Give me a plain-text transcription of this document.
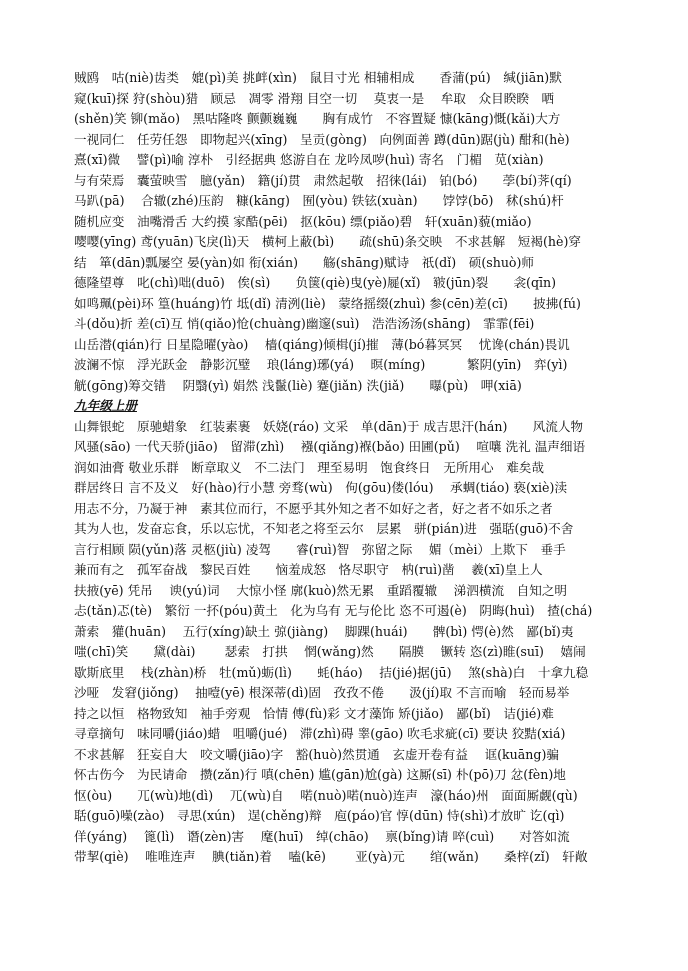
贼鸥　咕(niè)齿类　媲(pì)美 挑衅(xìn)　鼠目寸光 相辅相成　　香蒲(pú)　缄(jiān)默
窥(kuī)探 狩(shòu)猎　顾忌　凋零 滑翔 目空一切　 莫衷一是　 牟取　众目睽睽　哂
(shěn)笑 铆(mǎo)　黑咕隆咚 颤颤巍巍　　胸有成竹　不容置疑 慷(kāng)慨(kǎi)大方
一视同仁　任劳任怨　即物起兴(xīng)　呈贡(gòng)　向例面善 蹲(dūn)踞(jù) 酣和(hè)
熹(xī)微　 譬(pì)喻 淳朴　引经据典 悠游自在 龙吟凤哕(huì) 寄名　门楣　苋(xiàn)
与有荣焉　囊萤映雪　臆(yǎn)　籍(jí)贯　肃然起敬　招徕(lái)　铂(bó)　　荸(bí)荠(qí)
马趴(pā)　 合辙(zhé)压韵　糠(kāng)　囿(yòu) 铁铉(xuàn)　　饽饽(bō)　秫(shú)杆
随机应变　油嘴滑舌 大约摸 家酷(pēi)　抠(kōu) 缥(piǎo)碧　轩(xuān)藐(miǎo)
嘤嘤(yīng) 鸢(yuān)飞戾(lì)天　横柯上蔽(bì)　　疏(shū)条交映　不求甚解　短褐(hè)穿
结　箪(dān)瓢屡空 晏(yàn)如 衔(xián)　　觞(shāng)赋诗　祇(dǐ)　硕(shuò)师
德隆望尊　叱(chì)咄(duō)　俟(sì)　　负箧(qiè)曳(yè)屣(xǐ)　皲(jūn)裂　　衾(qīn)
如鸣珮(pèi)环 篁(huáng)竹 坻(dǐ) 清洌(liè)　蒙络摇缀(zhuì) 参(cēn)差(cī)　　披拂(fú)
斗(dǒu)折 差(cī)互 悄(qiǎo)怆(chuàng)幽邃(suì)　浩浩汤汤(shāng)　霏霏(fēi)
山岳潜(qián)行 日星隐曜(yào)　 樯(qiáng)倾楫(jí)摧　薄(bó暮冥冥　 忧谗(chán)畏讥
波澜不惊　浮光跃金　静影沉璧　 琅(láng)琊(yá)　 暝(míng)　　　 繁阴(yīn)　弈(yì)
觥(gōng)筹交错　 阴翳(yì) 娟然 浅鬣(liè) 蹇(jiǎn) 泆(jiǎ)　　曝(pù)　呷(xiā)
九年级上册
山舞银蛇　原驰蜡象　红装素裹　妖娆(ráo) 文采　单(dān)于 成吉思汗(hán)　　风流人物
风骚(sāo) 一代天骄(jiāo)　留滞(zhì)　 襁(qiǎng)褓(bǎo) 田圃(pǔ)　 喧嚷 洗礼 温声细语
润如油膏 敬业乐群　断章取义　不二法门　理至易明　饱食终日　无所用心　难矣哉
群居终日 言不及义　好(hào)行小慧 旁骛(wù)　佝(gōu)偻(lóu)　 承蜩(tiáo) 亵(xiè)渎
用志不分，乃凝于神　素其位而行，不愿乎其外知之者不如好之者，好之者不如乐之者
其为人也，发奋忘食，乐以忘忧，不知老之将至云尔　层累　骈(pián)进　强聒(guō)不舍
言行相顾 陨(yǔn)落 灵柩(jiù) 凌驾　　睿(ruì)智　弥留之际　 媚（mèi）上欺下　垂手
兼而有之　孤军奋战　黎民百姓　　恼羞成怒　恪尽职守　枘(ruì)凿　 羲(xī)皇上人
扶掖(yē) 凭吊　 谀(yú)词　 大惊小怪 廓(kuò)然无累　重蹈覆辙　 涕泗横流　自知之明
忐(tǎn)忑(tè)　繁衍 一抔(póu)黄土　化为乌有 无与伦比 恣不可遏(è)　阴晦(huì)　揸(chá)
萧索　獾(huān)　 五行(xíng)缺土 弶(jiàng)　 脚踝(huái)　　髀(bì) 愕(è)然　鄙(bǐ)夷
嗤(chī)笑　　黛(dài)　　 瑟索　打拱　 惘(wǎng)然　　隔膜　 镢转 恣(zì)睢(suī)　 嬉闹
歇斯底里　 栈(zhàn)桥　牡(mǔ)蛎(lì)　　蚝(háo)　 拮(jié)据(jū)　 煞(shà)白　十拿九稳
沙哑　发窘(jiǒng)　 抽噎(yē) 根深蒂(dì)固　孜孜不倦　　汲(jí)取 不言而喻　轻而易举
持之以恒　格物致知　袖手旁观　恰情 傅(fù)彩 文才藻饰 矫(jiǎo)　鄙(bǐ)　诘(jié)难
寻章摘句　味同嚼(jiáo)蜡　咀嚼(jué)　滞(zhì)碍 睾(gāo) 吹毛求疵(cī) 要诀 狡黠(xiá)
不求甚解　狂妄自大　咬文嚼(jiāo)字　豁(huò)然贯通　玄虚开卷有益　 诓(kuāng)骗
怀古伤今　为民请命　攒(zǎn)行 嗔(chēn) 尴(gān)尬(gà) 这厮(sī) 朴(pō)刀 忿(fèn)地
怄(òu)　　兀(wù)地(dì)　 兀(wù)自　 喏(nuò)喏(nuò)连声　濠(háo)州　面面厮觑(qù)
聒(guō)噪(zào)　寻思(xún)　逞(chěng)辩　庖(páo)官 惇(dūn) 恃(shì)才放旷 讫(qì)
佯(yáng)　 篦(lì)　谮(zèn)害　 麾(huī)　绰(chāo)　 禀(bǐng)请 啐(cuì)　　对答如流
带挈(qiè)　 唯唯连声　 腆(tiǎn)着　 嗑(kē)　　 亚(yà)元　　绾(wǎn)　　桑梓(zǐ)　轩敞
